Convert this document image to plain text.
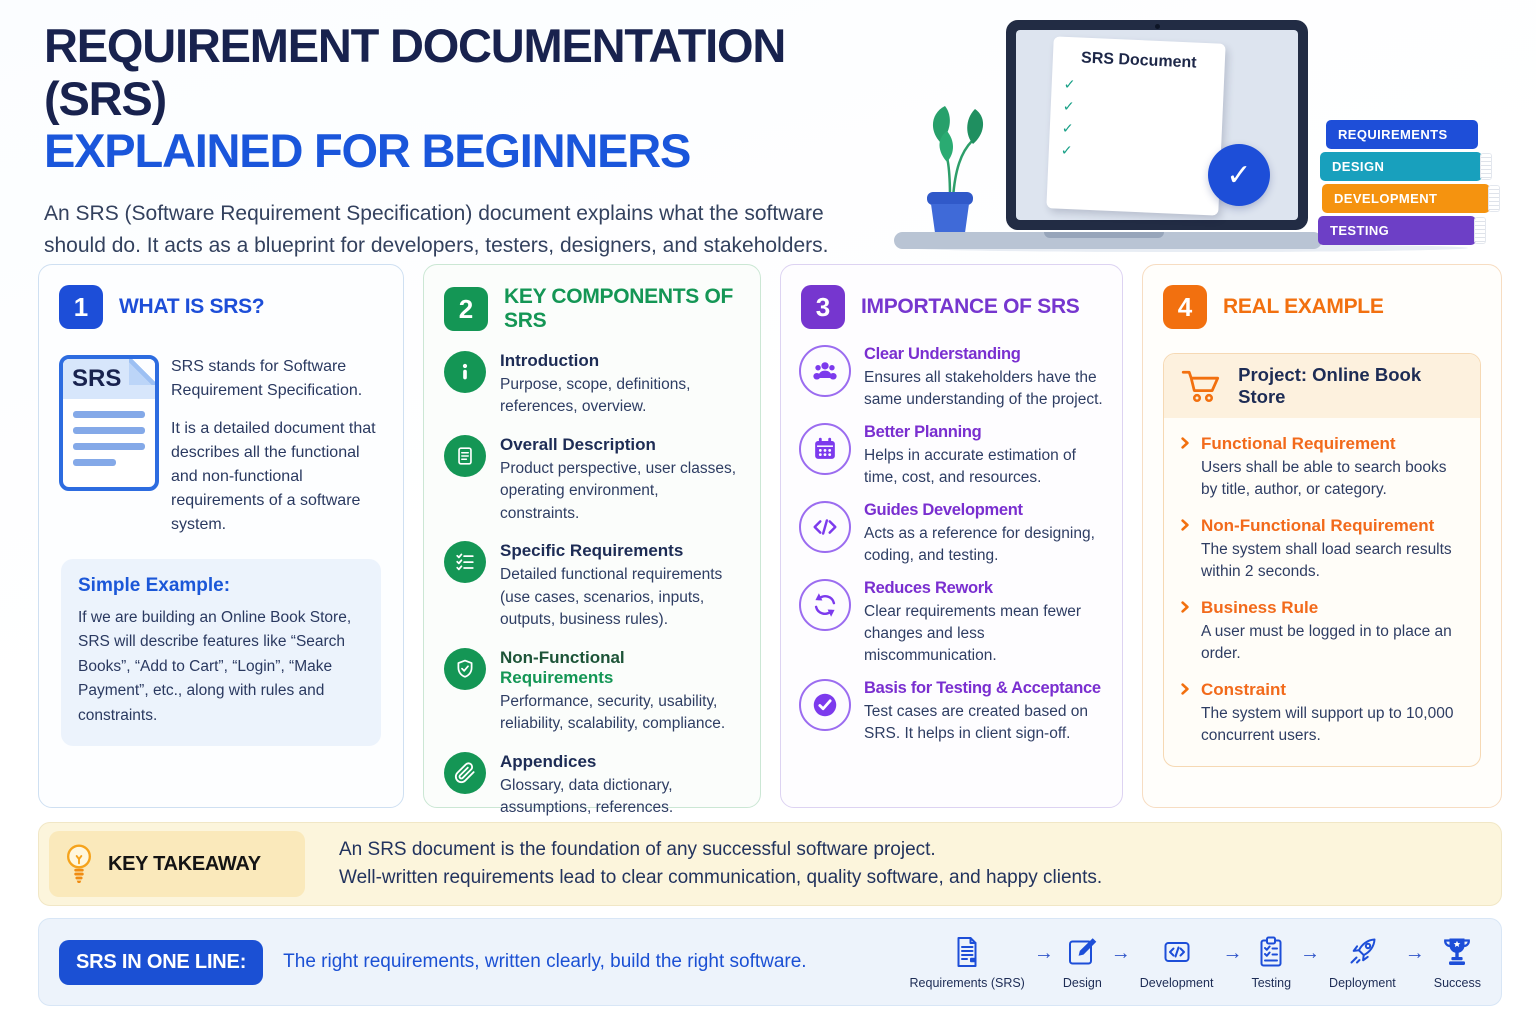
REQUIREMENT DOCUMENTATION (SRS)
EXPLAINED FOR BEGINNERS
An SRS (Software Requirement Specification) document explains what the software should do. It acts as a blueprint for developers, testers, designers, and stakeholders.
SRS Document
✓
✓
✓
✓
✓
REQUIREMENTS
DESIGN
DEVELOPMENT
TESTING
1	WHAT IS SRS?
SRS	SRS stands for Software Requirement Specification.

It is a detailed document that describes all the functional and non-functional requirements of a software system.

Simple Example:
If we are building an Online Book Store, SRS will describe features like “Search Books”, “Add to Cart”, “Login”, “Make Payment”, etc., along with rules and constraints.
2	KEY COMPONENTS OF SRS
Introduction
Purpose, scope, definitions, references, overview.
Overall Description
Product perspective, user classes, operating environment, constraints.
Specific Requirements
Detailed functional requirements (use cases, scenarios, inputs, outputs, business rules).
Non-Functional Requirements
Performance, security, usability, reliability, scalability, compliance.
Appendices
Glossary, data dictionary, assumptions, references.
3	IMPORTANCE OF SRS
Clear Understanding
Ensures all stakeholders have the same understanding of the project.
Better Planning
Helps in accurate estimation of time, cost, and resources.
Guides Development
Acts as a reference for designing, coding, and testing.
Reduces Rework
Clear requirements mean fewer changes and less miscommunication.
Basis for Testing & Acceptance
Test cases are created based on SRS. It helps in client sign-off.
4	REAL EXAMPLE
Project: Online Book Store
Functional Requirement
Users shall be able to search books by title, author, or category.
Non-Functional Requirement
The system shall load search results within 2 seconds.
Business Rule
A user must be logged in to place an order.
Constraint
The system will support up to 10,000 concurrent users.
KEY TAKEAWAY
An SRS document is the foundation of any successful software project.
Well-written requirements lead to clear communication, quality software, and happy clients.
SRS IN ONE LINE:	The right requirements, written clearly, build the right software.
Requirements (SRS)
→
Design
→
Development
→
Testing
→
Deployment
→
Success
